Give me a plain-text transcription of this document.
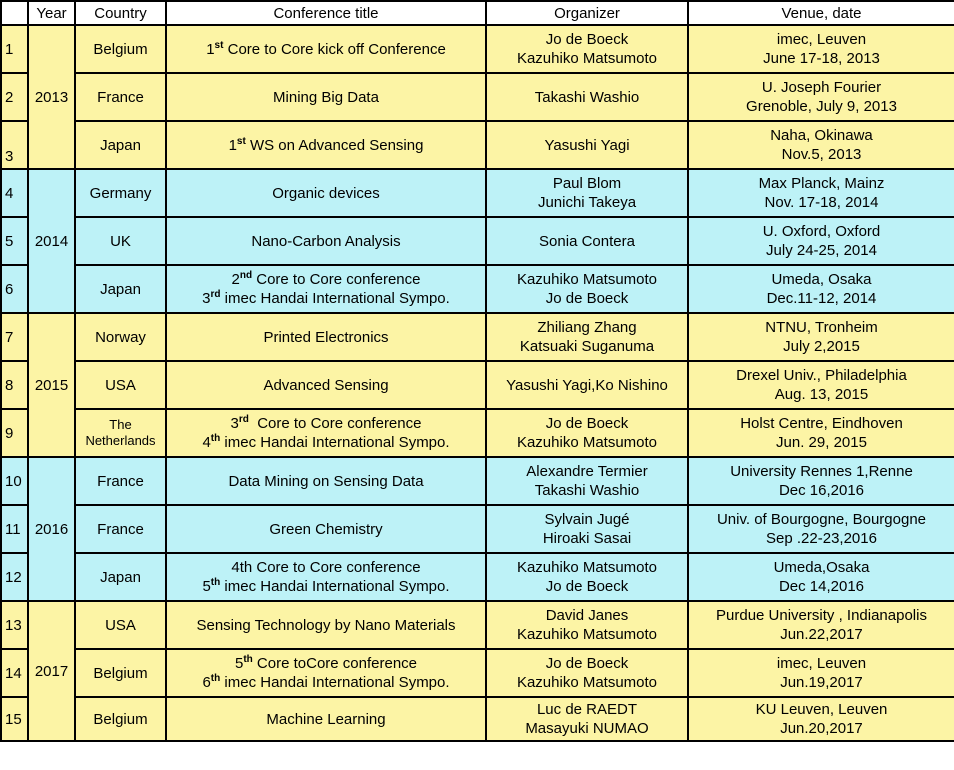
	Year	Country	Conference title	Organizer	Venue, date
1	2013	Belgium	1st Core to Core kick off Conference	Jo de Boeck
Kazuhiko Matsumoto	imec, Leuven
June 17-18, 2013

2		France	Mining Big Data	Takashi Washio	U. Joseph Fourier
Grenoble, July 9, 2013

3		Japan	1st WS on Advanced Sensing	Yasushi Yagi	Naha, Okinawa
Nov.5, 2013

4	2014	Germany	Organic devices	Paul Blom
Junichi Takeya	Max Planck, Mainz
Nov. 17-18, 2014

5		UK	Nano-Carbon Analysis	Sonia Contera	U. Oxford, Oxford
July 24-25, 2014

6		Japan	2nd Core to Core conference
3rd imec Handai International Sympo.	Kazuhiko Matsumoto
Jo de Boeck	Umeda, Osaka
Dec.11-12, 2014

7	2015	Norway	Printed Electronics	Zhiliang Zhang
Katsuaki Suganuma	NTNU, Tronheim
July 2,2015

8		USA	Advanced Sensing	Yasushi Yagi,Ko Nishino	Drexel Univ., Philadelphia
Aug. 13, 2015

9		The
Netherlands	3rd  Core to Core conference
4th imec Handai International Sympo.	Jo de Boeck
Kazuhiko Matsumoto	Holst Centre, Eindhoven
Jun. 29, 2015

10	2016	France	Data Mining on Sensing Data	Alexandre Termier
Takashi Washio	University Rennes 1,Renne
Dec 16,2016

11		France	Green Chemistry	Sylvain Jugé
Hiroaki Sasai	Univ. of Bourgogne, Bourgogne
Sep .22-23,2016

12		Japan	4th Core to Core conference
5th imec Handai International Sympo.	Kazuhiko Matsumoto
Jo de Boeck	Umeda,Osaka
Dec 14,2016

13	2017	USA	Sensing Technology by Nano Materials	David Janes
Kazuhiko Matsumoto	Purdue University , Indianapolis
Jun.22,2017

14		Belgium	5th Core toCore conference
6th imec Handai International Sympo.	Jo de Boeck
Kazuhiko Matsumoto	imec, Leuven
Jun.19,2017

15		Belgium	Machine Learning	Luc de RAEDT
Masayuki NUMAO	KU Leuven, Leuven
Jun.20,2017
